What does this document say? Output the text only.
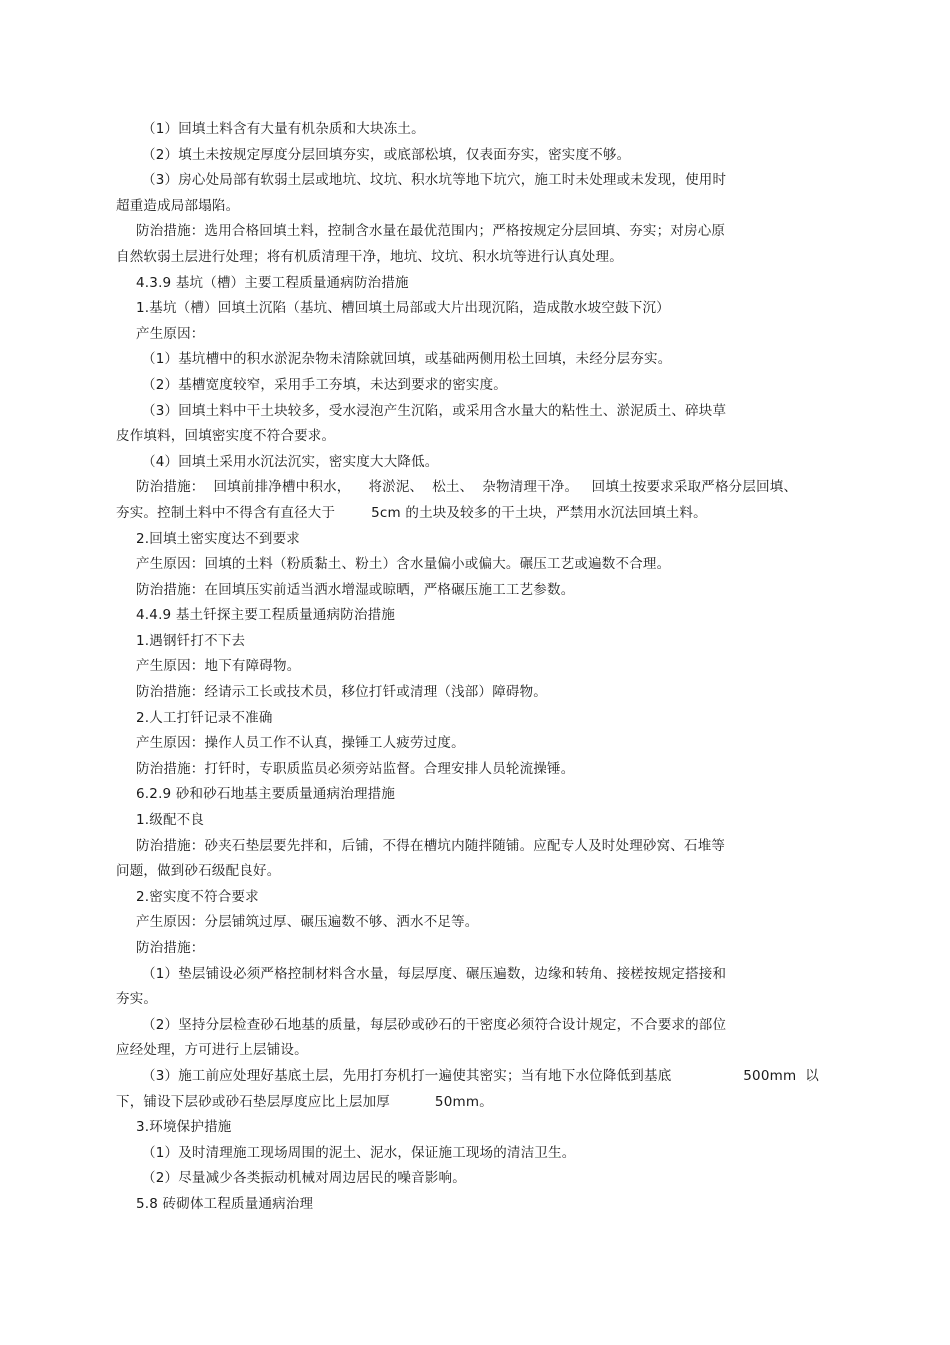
（1）回填土料含有大量有机杂质和大块冻土。
（2）填土未按规定厚度分层回填夯实，或底部松填，仅表面夯实，密实度不够。
（3）房心处局部有软弱土层或地坑、坟坑、积水坑等地下坑穴，施工时未处理或未发现，使用时
超重造成局部塌陷。
防治措施：选用合格回填土料，控制含水量在最优范围内；严格按规定分层回填、夯实；对房心原
自然软弱土层进行处理；将有机质清理干净，地坑、坟坑、积水坑等进行认真处理。
4.3.9 基坑（槽）主要工程质量通病防治措施
1.基坑（槽）回填土沉陷（基坑、槽回填土局部或大片出现沉陷，造成散水坡空鼓下沉）
产生原因：
（1）基坑槽中的积水淤泥杂物未清除就回填，或基础两侧用松土回填，未经分层夯实。
（2）基槽宽度较窄，采用手工夯填，未达到要求的密实度。
（3）回填土料中干土块较多，受水浸泡产生沉陷，或采用含水量大的粘性土、淤泥质土、碎块草
皮作填料，回填密实度不符合要求。
（4）回填土采用水沉法沉实，密实度大大降低。
防治措施：  回填前排净槽中积水，    将淤泥、  松土、  杂物清理干净。   回填土按要求采取严格分层回填、
夯实。控制土料中不得含有直径大于        5cm 的土块及较多的干土块，严禁用水沉法回填土料。
2.回填土密实度达不到要求
产生原因：回填的土料（粉质黏土、粉土）含水量偏小或偏大。碾压工艺或遍数不合理。
防治措施：在回填压实前适当洒水增湿或晾晒，严格碾压施工工艺参数。
4.4.9 基土钎探主要工程质量通病防治措施
1.遇钢钎打不下去
产生原因：地下有障碍物。
防治措施：经请示工长或技术员，移位打钎或清理（浅部）障碍物。
2.人工打钎记录不准确
产生原因：操作人员工作不认真，操锤工人疲劳过度。
防治措施：打钎时，专职质监员必须旁站监督。合理安排人员轮流操锤。
6.2.9 砂和砂石地基主要质量通病治理措施
1.级配不良
防治措施：砂夹石垫层要先拌和，后铺，不得在槽坑内随拌随铺。应配专人及时处理砂窝、石堆等
问题，做到砂石级配良好。
2.密实度不符合要求
产生原因：分层铺筑过厚、碾压遍数不够、洒水不足等。
防治措施：
（1）垫层铺设必须严格控制材料含水量，每层厚度、碾压遍数，边缘和转角、接槎按规定搭接和
夯实。
（2）坚持分层检查砂石地基的质量，每层砂或砂石的干密度必须符合设计规定，不合要求的部位
应经处理，方可进行上层铺设。
（3）施工前应处理好基底土层，先用打夯机打一遍使其密实；当有地下水位降低到基底                500mm  以
下，铺设下层砂或砂石垫层厚度应比上层加厚          50mm。
3.环境保护措施
（1）及时清理施工现场周围的泥土、泥水，保证施工现场的清洁卫生。
（2）尽量减少各类振动机械对周边居民的噪音影响。
5.8 砖砌体工程质量通病治理
